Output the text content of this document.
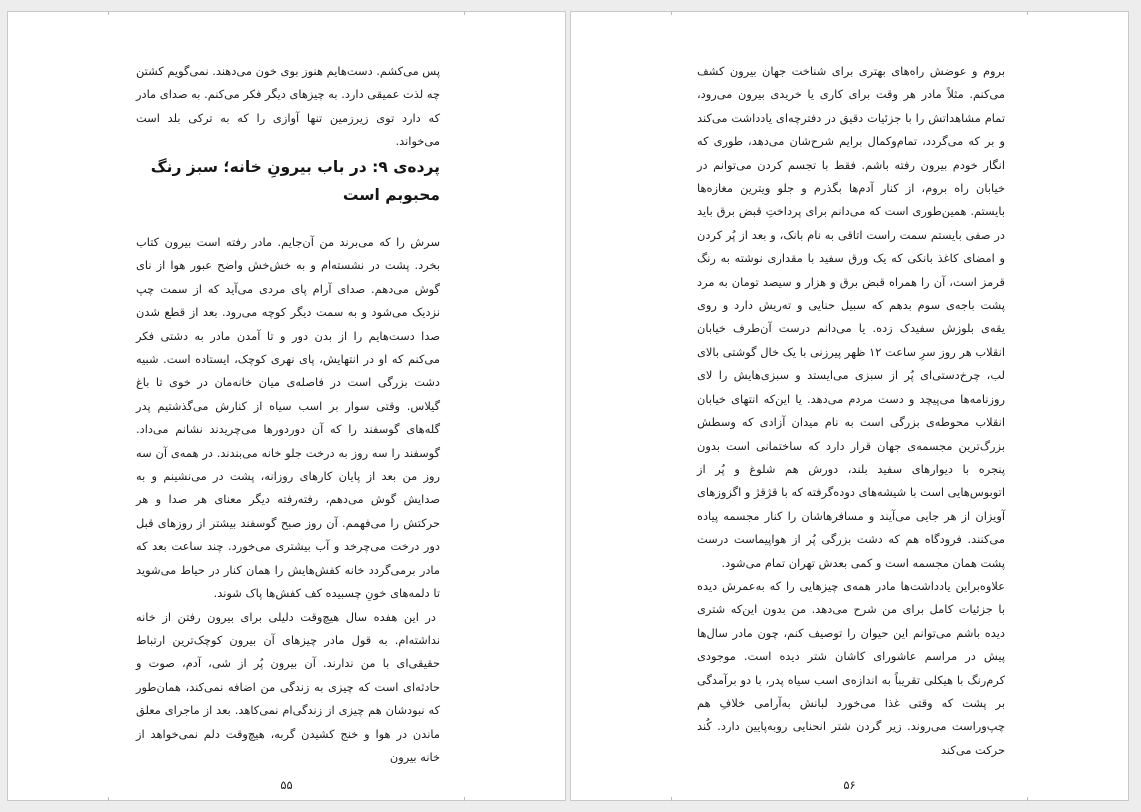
پس می‌کشم. دست‌هایم هنوز بوی خون می‌دهند. نمی‌گویم کشتن چه لذت عمیقی دارد. به چیزهای دیگر فکر می‌کنم. به صدای مادر که دارد توی زیرزمین تنها آوازی را که به ترکی بلد است می‌خواند.

پرده‌ی ۹: در باب بیرونِ خانه؛ سبز رنگ محبوبم است

سرش را که می‌برند من آن‌جایم. مادر رفته است بیرون کتاب بخرد. پشت در نشسته‌ام و به خش‌خش واضح عبور هوا از نای گوش می‌دهم. صدای آرام پای مردی می‌آید که از سمت چپ نزدیک می‌شود و به سمت دیگر کوچه می‌رود. بعد از قطع شدن صدا دست‌هایم را از بدن دور و تا آمدن مادر به دشتی فکر می‌کنم که او در انتهایش، پای نهری کوچک، ایستاده است. شبیه دشت بزرگی است در فاصله‌ی میان خانه‌مان در خوی تا باغ گیلاس. وقتی سوار بر اسب سیاه از کنارش می‌گذشتیم پدر گله‌های گوسفند را که آن دوردورها می‌چریدند نشانم می‌داد. گوسفند را سه روز به درخت جلو خانه می‌بندند. در همه‌ی آن سه روز من بعد از پایان کارهای روزانه، پشت در می‌نشینم و به صدایش گوش می‌دهم، رفته‌رفته دیگر معنای هر صدا و هر حرکتش را می‌فهمم. آن روز صبح گوسفند بیشتر از روزهای قبل دور درخت می‌چرخد و آب بیشتری می‌خورد. چند ساعت بعد که مادر برمی‌گردد خانه کفش‌هایش را همان کنار در حیاط می‌شوید تا دلمه‌های خونِ چسبیده کف کفش‌ها پاک شوند.

در این هفده سال هیچ‌وقت دلیلی برای بیرون رفتن از خانه نداشته‌ام. به قول مادر چیزهای آن بیرون کوچک‌ترین ارتباط حقیقی‌ای با من ندارند. آن بیرون پُر از شی، آدم، صوت و حادثه‌ای است که چیزی به زندگی من اضافه نمی‌کند، همان‌طور که نبودشان هم چیزی از زندگی‌ام نمی‌کاهد. بعد از ماجرای معلق ماندن در هوا و خنج کشیدن گربه، هیچ‌وقت دلم نمی‌خواهد از خانه بیرون

۵۵

بروم و عوضش راه‌های بهتری برای شناخت جهان بیرون کشف می‌کنم. مثلاً مادر هر وقت برای کاری یا خریدی بیرون می‌رود، تمام مشاهداتش را با جزئیات دقیق در دفترچه‌ای یادداشت می‌کند و بر که می‌گردد، تمام‌وکمال برایم شرح‌شان می‌دهد، طوری که انگار خودم بیرون رفته باشم. فقط با تجسم کردن می‌توانم در خیابان راه بروم، از کنار آدم‌ها بگذرم و جلو ویترین مغازه‌ها بایستم. همین‌طوری است که می‌دانم برای پرداختِ قبض برق باید در صفی بایستم سمت راست اتاقی به نام بانک، و بعد از پُر کردن و امضای کاغذ بانکی که یک ورق سفید با مقداری نوشته به رنگ قرمز است، آن را همراه قبض برق و هزار و سیصد تومان به مرد پشت باجه‌ی سوم بدهم که سبیل حنایی و ته‌ریش دارد و روی یقه‌ی بلوزش سفیدک زده. یا می‌دانم درست آن‌طرف خیابان انقلاب هر روز سرِ ساعت ۱۲ ظهر پیرزنی با یک خال گوشتی بالای لب، چرخ‌دستی‌ای پُر از سبزی می‌ایستد و سبزی‌هایش را لای روزنامه‌ها می‌پیچد و دست مردم می‌دهد. یا این‌که انتهای خیابان انقلاب محوطه‌ی بزرگی است به نام میدان آزادی که وسطش بزرگ‌ترین مجسمه‌ی جهان قرار دارد که ساختمانی است بدون پنجره با دیوارهای سفید بلند، دورش هم شلوغ و پُر از اتوبوس‌هایی است با شیشه‌های دوده‌گرفته که با قژقژ و اگزوزهای آویزان از هر جایی می‌آیند و مسافرهاشان را کنار مجسمه پیاده می‌کنند. فرودگاه هم که دشت بزرگی پُر از هواپیماست درست پشت همان مجسمه است و کمی بعدش تهران تمام می‌شود.

علاوه‌براین یادداشت‌ها مادر همه‌ی چیزهایی را که به‌عمرش دیده با جزئیات کامل برای من شرح می‌دهد. من بدون این‌که شتری دیده باشم می‌توانم این حیوان را توصیف کنم، چون مادر سال‌ها پیش در مراسم عاشورای کاشان شتر دیده است. موجودی کرم‌رنگ با هیکلی تقریباً به اندازه‌ی اسب سیاه پدر، با دو برآمدگی بر پشت که وقتی غذا می‌خورد لبانش به‌آرامی خلافِ هم چپ‌وراست می‌روند. زیر گردن شتر انحنایی روبه‌پایین دارد. کُند حرکت می‌کند

۵۶
